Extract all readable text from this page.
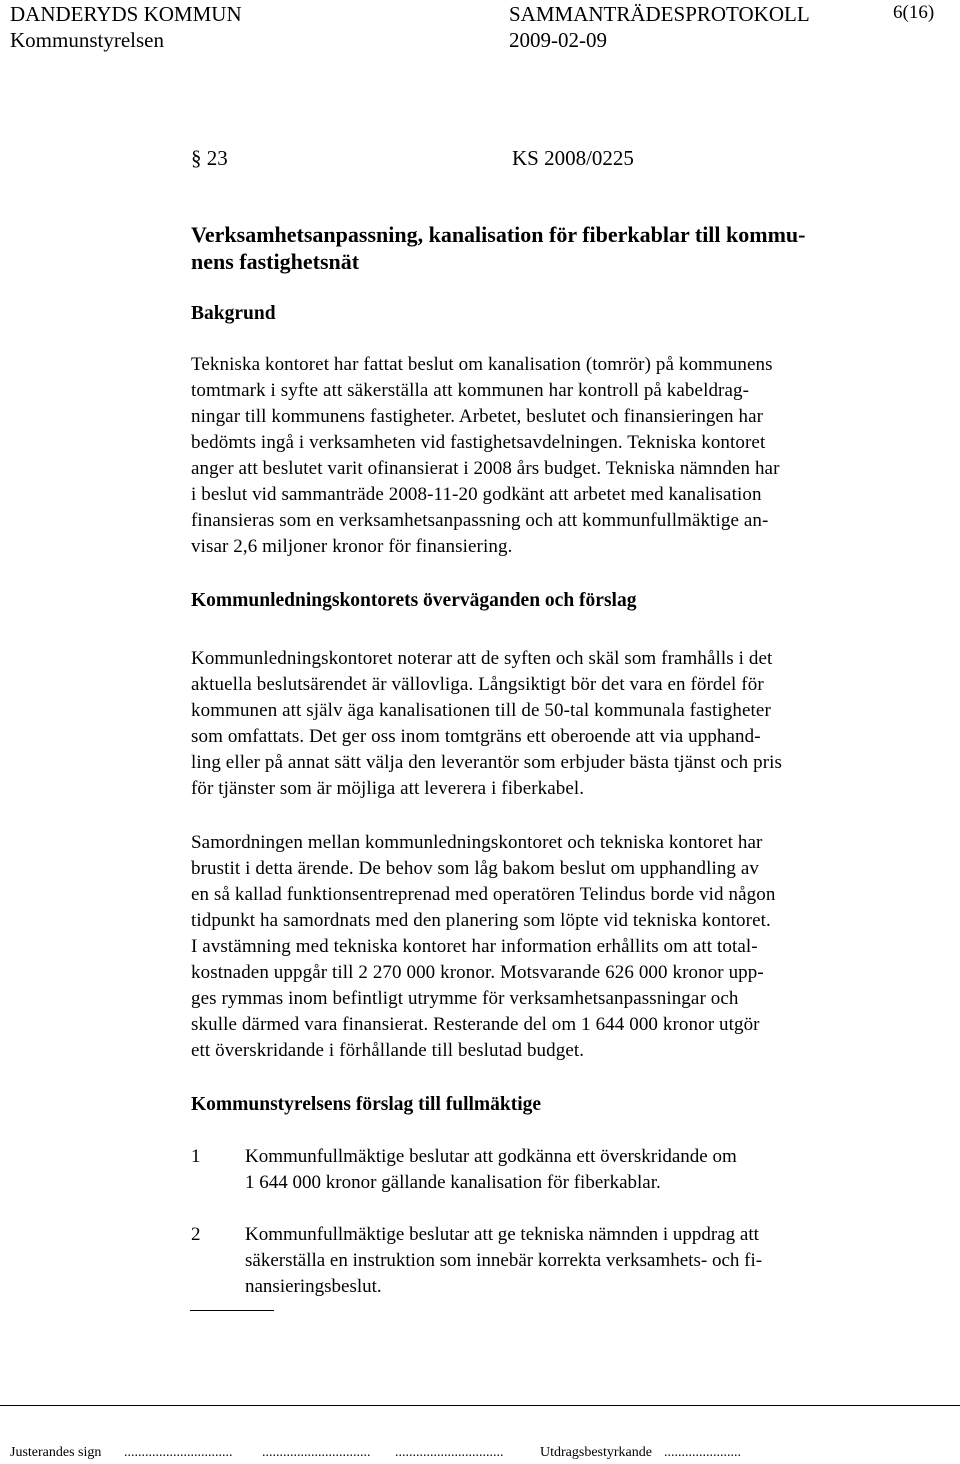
DANDERYDS KOMMUN	SAMMANTRÄDESPROTOKOLL	6(16)
Kommunstyrelsen	2009-02-09
§ 23	KS 2008/0225
Verksamhetsanpassning, kanalisation för fiberkablar till kommu-
nens fastighetsnät
Bakgrund
Tekniska kontoret har fattat beslut om kanalisation (tomrör) på kommunens
tomtmark i syfte att säkerställa att kommunen har kontroll på kabeldrag-
ningar till kommunens fastigheter. Arbetet, beslutet och finansieringen har
bedömts ingå i verksamheten vid fastighetsavdelningen. Tekniska kontoret
anger att beslutet varit ofinansierat i 2008 års budget. Tekniska nämnden har
i beslut vid sammanträde 2008-11-20 godkänt att arbetet med kanalisation
finansieras som en verksamhetsanpassning och att kommunfullmäktige an-
visar 2,6 miljoner kronor för finansiering.
Kommunledningskontorets överväganden och förslag
Kommunledningskontoret noterar att de syften och skäl som framhålls i det
aktuella beslutsärendet är vällovliga. Långsiktigt bör det vara en fördel för
kommunen att själv äga kanalisationen till de 50-tal kommunala fastigheter
som omfattats. Det ger oss inom tomtgräns ett oberoende att via upphand-
ling eller på annat sätt välja den leverantör som erbjuder bästa tjänst och pris
för tjänster som är möjliga att leverera i fiberkabel.
Samordningen mellan kommunledningskontoret och tekniska kontoret har
brustit i detta ärende. De behov som låg bakom beslut om upphandling av
en så kallad funktionsentreprenad med operatören Telindus borde vid någon
tidpunkt ha samordnats med den planering som löpte vid tekniska kontoret.
I avstämning med tekniska kontoret har information erhållits om att total-
kostnaden uppgår till 2 270 000 kronor. Motsvarande 626 000 kronor upp-
ges rymmas inom befintligt utrymme för verksamhetsanpassningar och
skulle därmed vara finansierat. Resterande del om 1 644 000 kronor utgör
ett överskridande i förhållande till beslutad budget.
Kommunstyrelsens förslag till fullmäktige
1 Kommunfullmäktige beslutar att godkänna ett överskridande om
1 644 000 kronor gällande kanalisation för fiberkablar.
2 Kommunfullmäktige beslutar att ge tekniska nämnden i uppdrag att
säkerställa en instruktion som innebär korrekta verksamhets- och fi-
nansieringsbeslut.
Justerandes sign ............................... ............................... ...............................	Utdragsbestyrkande ......................
